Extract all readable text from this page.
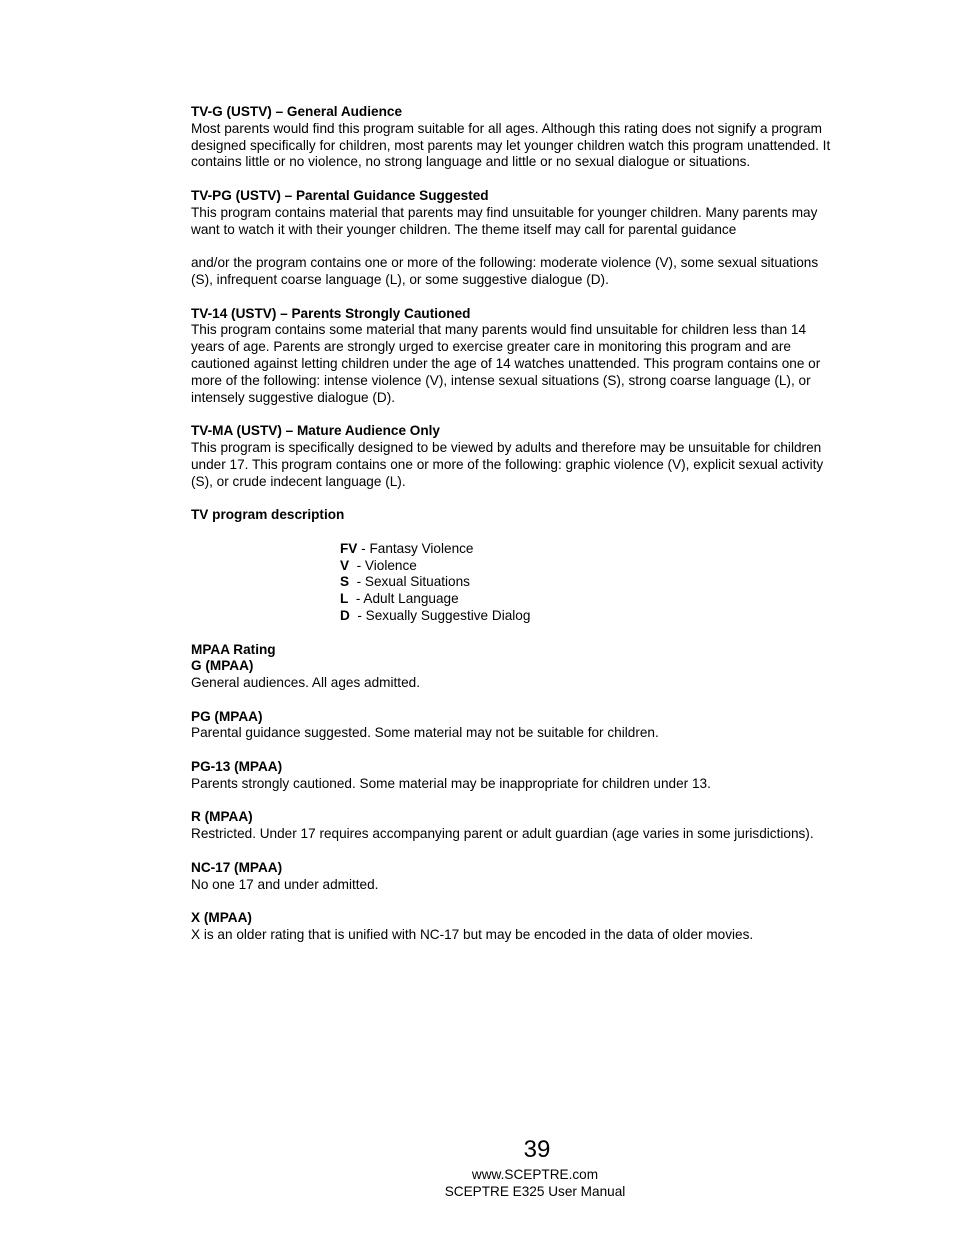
TV-G (USTV) – General Audience
Most parents would find this program suitable for all ages. Although this rating does not signify a program designed specifically for children, most parents may let younger children watch this program unattended. It contains little or no violence, no strong language and little or no sexual dialogue or situations.
TV-PG (USTV) – Parental Guidance Suggested
This program contains material that parents may find unsuitable for younger children. Many parents may want to watch it with their younger children. The theme itself may call for parental guidance
and/or the program contains one or more of the following: moderate violence (V), some sexual situations (S), infrequent coarse language (L), or some suggestive dialogue (D).
TV-14 (USTV) – Parents Strongly Cautioned
This program contains some material that many parents would find unsuitable for children less than 14 years of age. Parents are strongly urged to exercise greater care in monitoring this program and are cautioned against letting children under the age of 14 watches unattended. This program contains one or more of the following: intense violence (V), intense sexual situations (S), strong coarse language (L), or intensely suggestive dialogue (D).
TV-MA (USTV) – Mature Audience Only
This program is specifically designed to be viewed by adults and therefore may be unsuitable for children under 17. This program contains one or more of the following: graphic violence (V), explicit sexual activity (S), or crude indecent language (L).
TV program description
FV - Fantasy Violence
V  - Violence
S  - Sexual Situations
L  - Adult Language
D  - Sexually Suggestive Dialog
MPAA Rating
G (MPAA)
General audiences. All ages admitted.
PG (MPAA)
Parental guidance suggested. Some material may not be suitable for children.
PG-13 (MPAA)
Parents strongly cautioned. Some material may be inappropriate for children under 13.
R (MPAA)
Restricted. Under 17 requires accompanying parent or adult guardian (age varies in some jurisdictions).
NC-17 (MPAA)
No one 17 and under admitted.
X (MPAA)
X is an older rating that is unified with NC-17 but may be encoded in the data of older movies.
39
www.SCEPTRE.com
SCEPTRE E325 User Manual
